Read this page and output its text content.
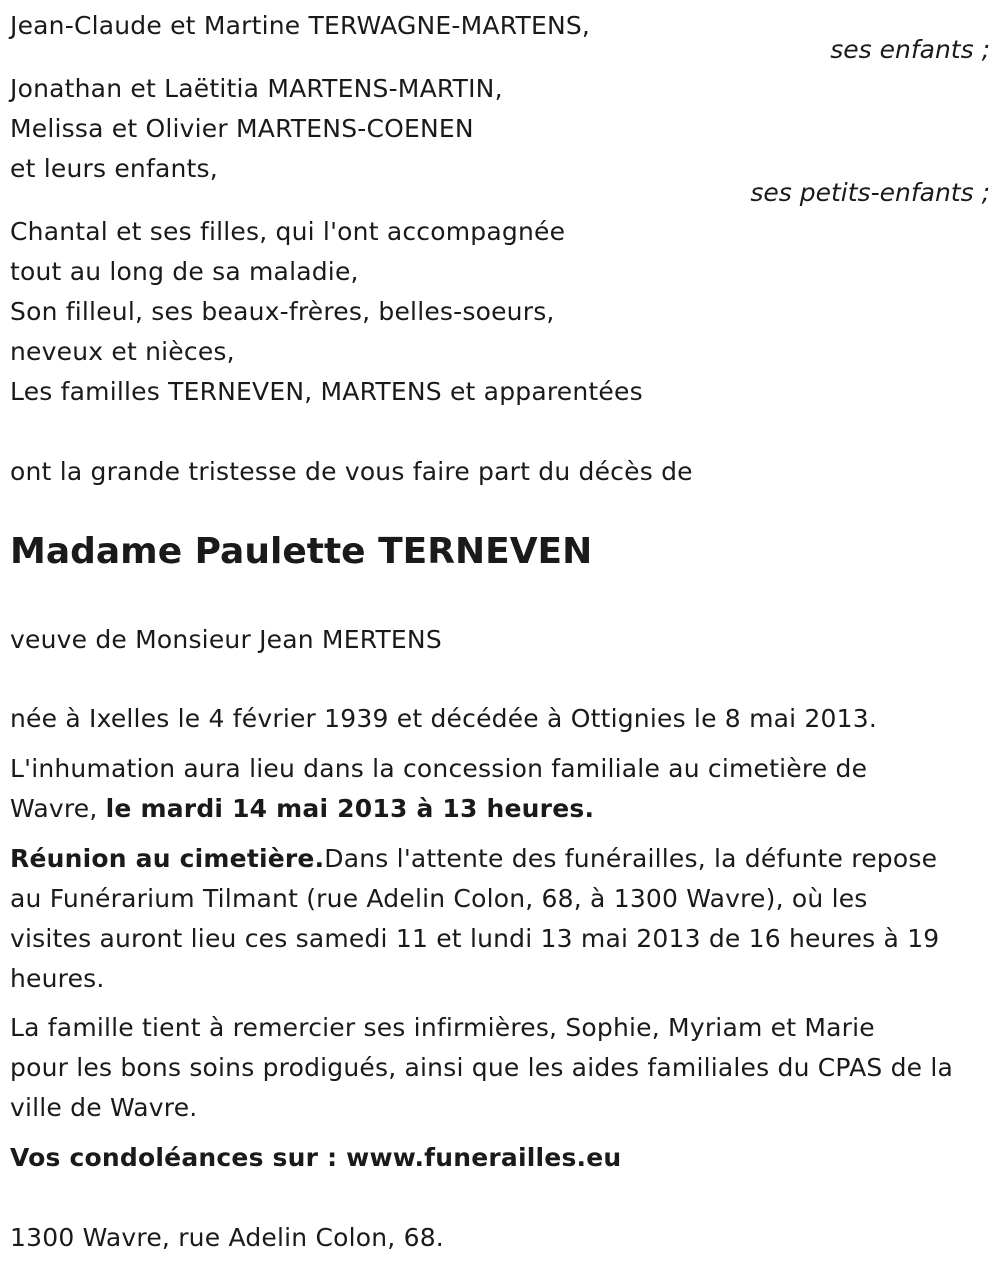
Jean-Claude et Martine TERWAGNE-MARTENS,
ses enfants ;
Jonathan et Laëtitia MARTENS-MARTIN,
Melissa et Olivier MARTENS-COENEN
et leurs enfants,
ses petits-enfants ;
Chantal et ses filles, qui l'ont accompagnée
tout au long de sa maladie,
Son filleul, ses beaux-frères, belles-soeurs,
neveux et nièces,
Les familles TERNEVEN, MARTENS et apparentées
ont la grande tristesse de vous faire part du décès de
Madame Paulette TERNEVEN
veuve de Monsieur Jean MERTENS
née à Ixelles le 4 février 1939 et décédée à Ottignies le 8 mai 2013.
L'inhumation aura lieu dans la concession familiale au cimetière de
Wavre, le mardi 14 mai 2013 à 13 heures.
Réunion au cimetière.Dans l'attente des funérailles, la défunte repose
au Funérarium Tilmant (rue Adelin Colon, 68, à 1300 Wavre), où les
visites auront lieu ces samedi 11 et lundi 13 mai 2013 de 16 heures à 19
heures.
La famille tient à remercier ses infirmières, Sophie, Myriam et Marie
pour les bons soins prodigués, ainsi que les aides familiales du CPAS de la
ville de Wavre.
Vos condoléances sur : www.funerailles.eu
1300 Wavre, rue Adelin Colon, 68.
